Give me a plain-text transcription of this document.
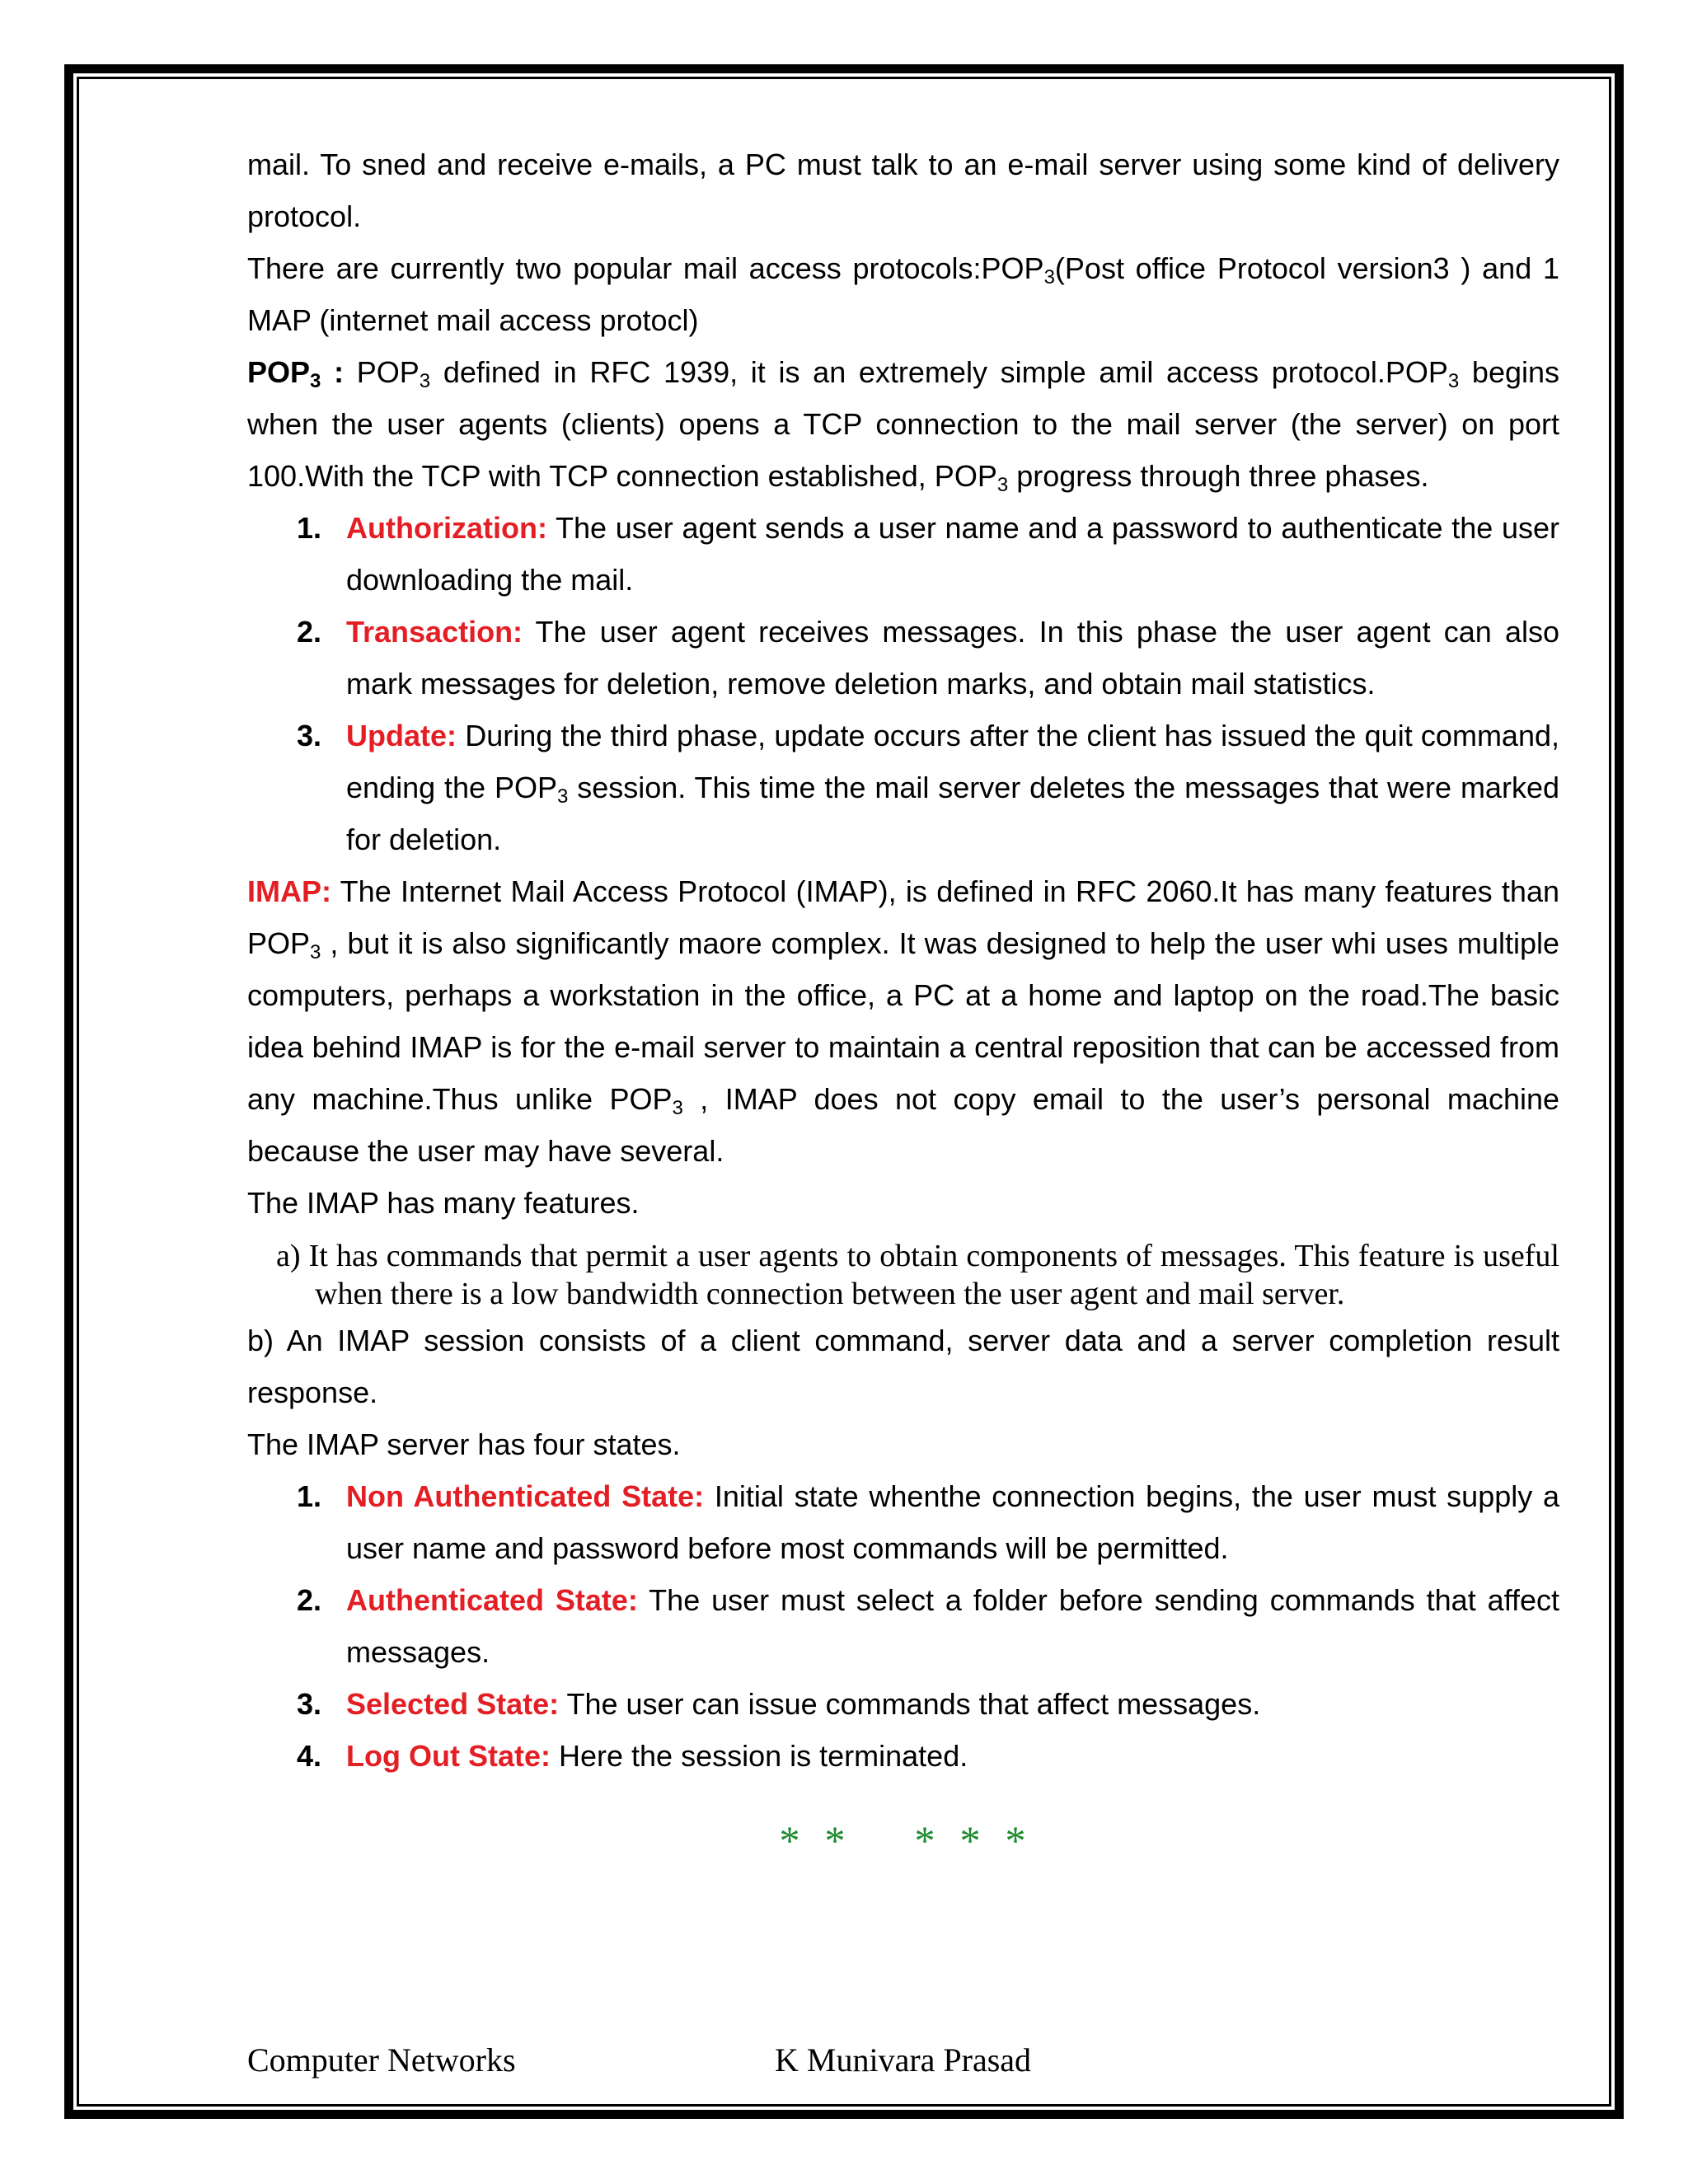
mail. To sned and receive e-mails, a PC must talk to an e-mail server using some kind of delivery protocol.

There are currently two popular mail access $protocols:POP_3(Post$ office Protocol version3 ) and 1 MAP (internet mail access protocl)

$POP_3$ : $POP_3$ defined in RFC 1939, it is an extremely simple amil access $protocol.POP_3$ begins when the user agents (clients) opens a TCP connection to the mail server (the server) on port 100.With the TCP with TCP connection established, $POP_3$ progress through three phases.

1. Authorization: The user agent sends a user name and a password to authenticate the user downloading the mail.
2. Transaction: The user agent receives messages. In this phase the user agent can also mark messages for deletion, remove deletion marks, and obtain mail statistics.
3. Update: During the third phase, update occurs after the client has issued the quit command, ending the $POP_3$ session. This time the mail server deletes the messages that were marked for deletion.

IMAP: The Internet Mail Access Protocol (IMAP), is defined in RFC 2060.It has many features than $POP_3$ , but it is also significantly maore complex. It was designed to help the user whi uses multiple computers, perhaps a workstation in the office, a PC at a home and laptop on the road.The basic idea behind IMAP is for the e-mail server to maintain a central reposition that can be accessed from any machine.Thus unlike $POP_3$ , IMAP does not copy email to the user’s personal machine because the user may have several.

The IMAP has many features.

a) It has commands that permit a user agents to obtain components of messages. This feature is useful when there is a low bandwidth connection between the user agent and mail server.

b) An IMAP session consists of a client command, server data and a server completion result response.

The IMAP server has four states.

1. Non Authenticated State: Initial state whenthe connection begins, the user must supply a user name and password before most commands will be permitted.
2. Authenticated State: The user must select a folder before sending commands that affect messages.
3. Selected State: The user can issue commands that affect messages.
4. Log Out State: Here the session is terminated.
* * * * *
Computer Networks	K Munivara Prasad
